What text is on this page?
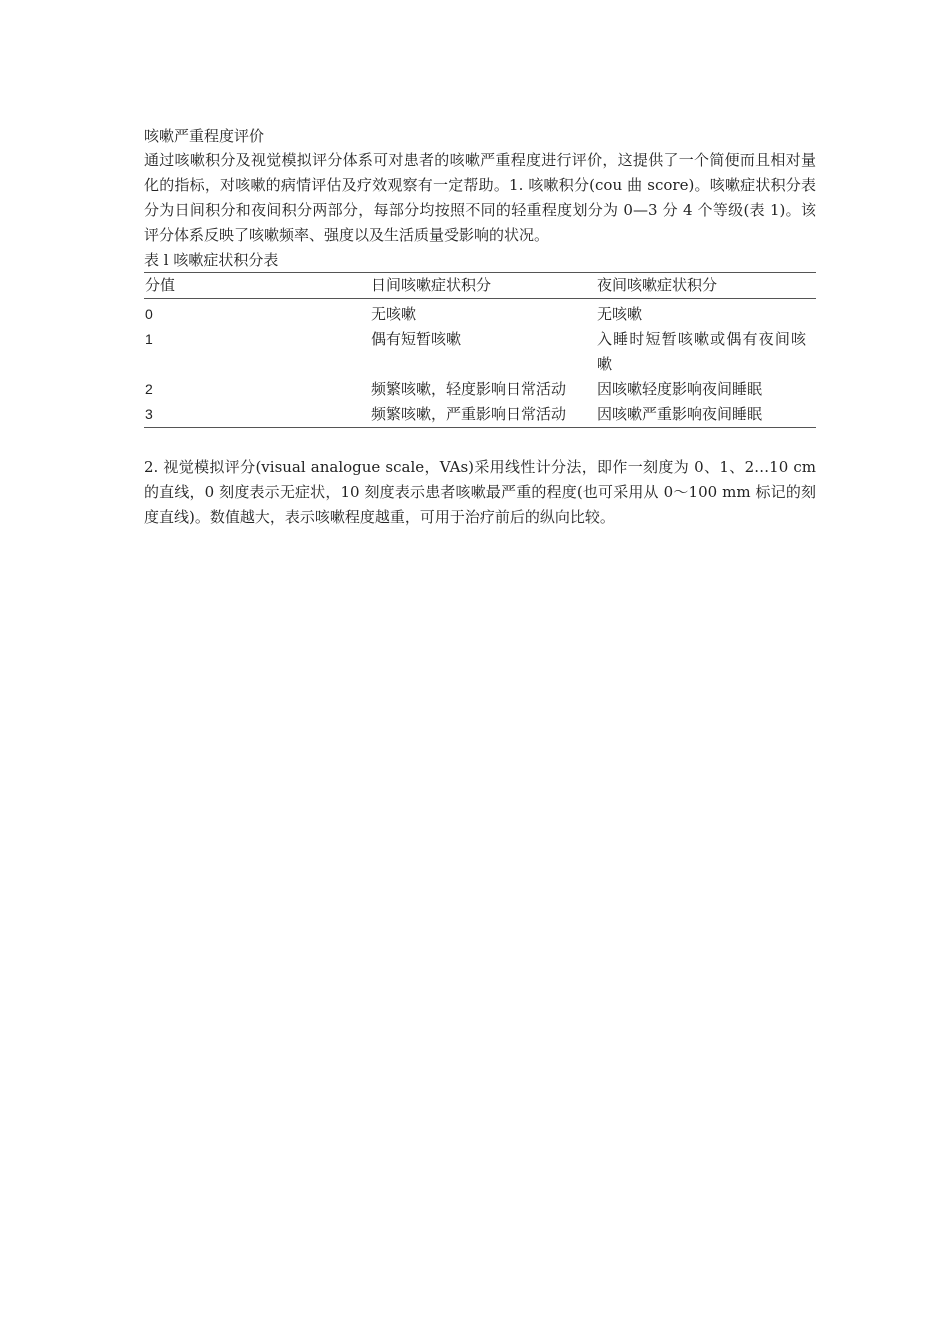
咳嗽严重程度评价

通过咳嗽积分及视觉模拟评分体系可对患者的咳嗽严重程度进行评价，这提供了一个简便而且相对量化的指标，对咳嗽的病情评估及疗效观察有一定帮助。1. 咳嗽积分(cou 曲 score)。咳嗽症状积分表分为日间积分和夜间积分两部分，每部分均按照不同的轻重程度划分为 0—3 分 4 个等级(表 1)。该评分体系反映了咳嗽频率、强度以及生活质量受影响的状况。

表 l 咳嗽症状积分表

分值	日间咳嗽症状积分	夜间咳嗽症状积分
0	无咳嗽	无咳嗽
1	偶有短暂咳嗽	入睡时短暂咳嗽或偶有夜间咳嗽
2	频繁咳嗽，轻度影响日常活动	因咳嗽轻度影响夜间睡眠
3	频繁咳嗽，严重影响日常活动	因咳嗽严重影响夜间睡眠

2. 视觉模拟评分(visual analogue scale，VAs)采用线性计分法，即作一刻度为 0、1、2…10 cm 的直线，0 刻度表示无症状，10 刻度表示患者咳嗽最严重的程度(也可采用从 0～100 mm 标记的刻度直线)。数值越大，表示咳嗽程度越重，可用于治疗前后的纵向比较。
